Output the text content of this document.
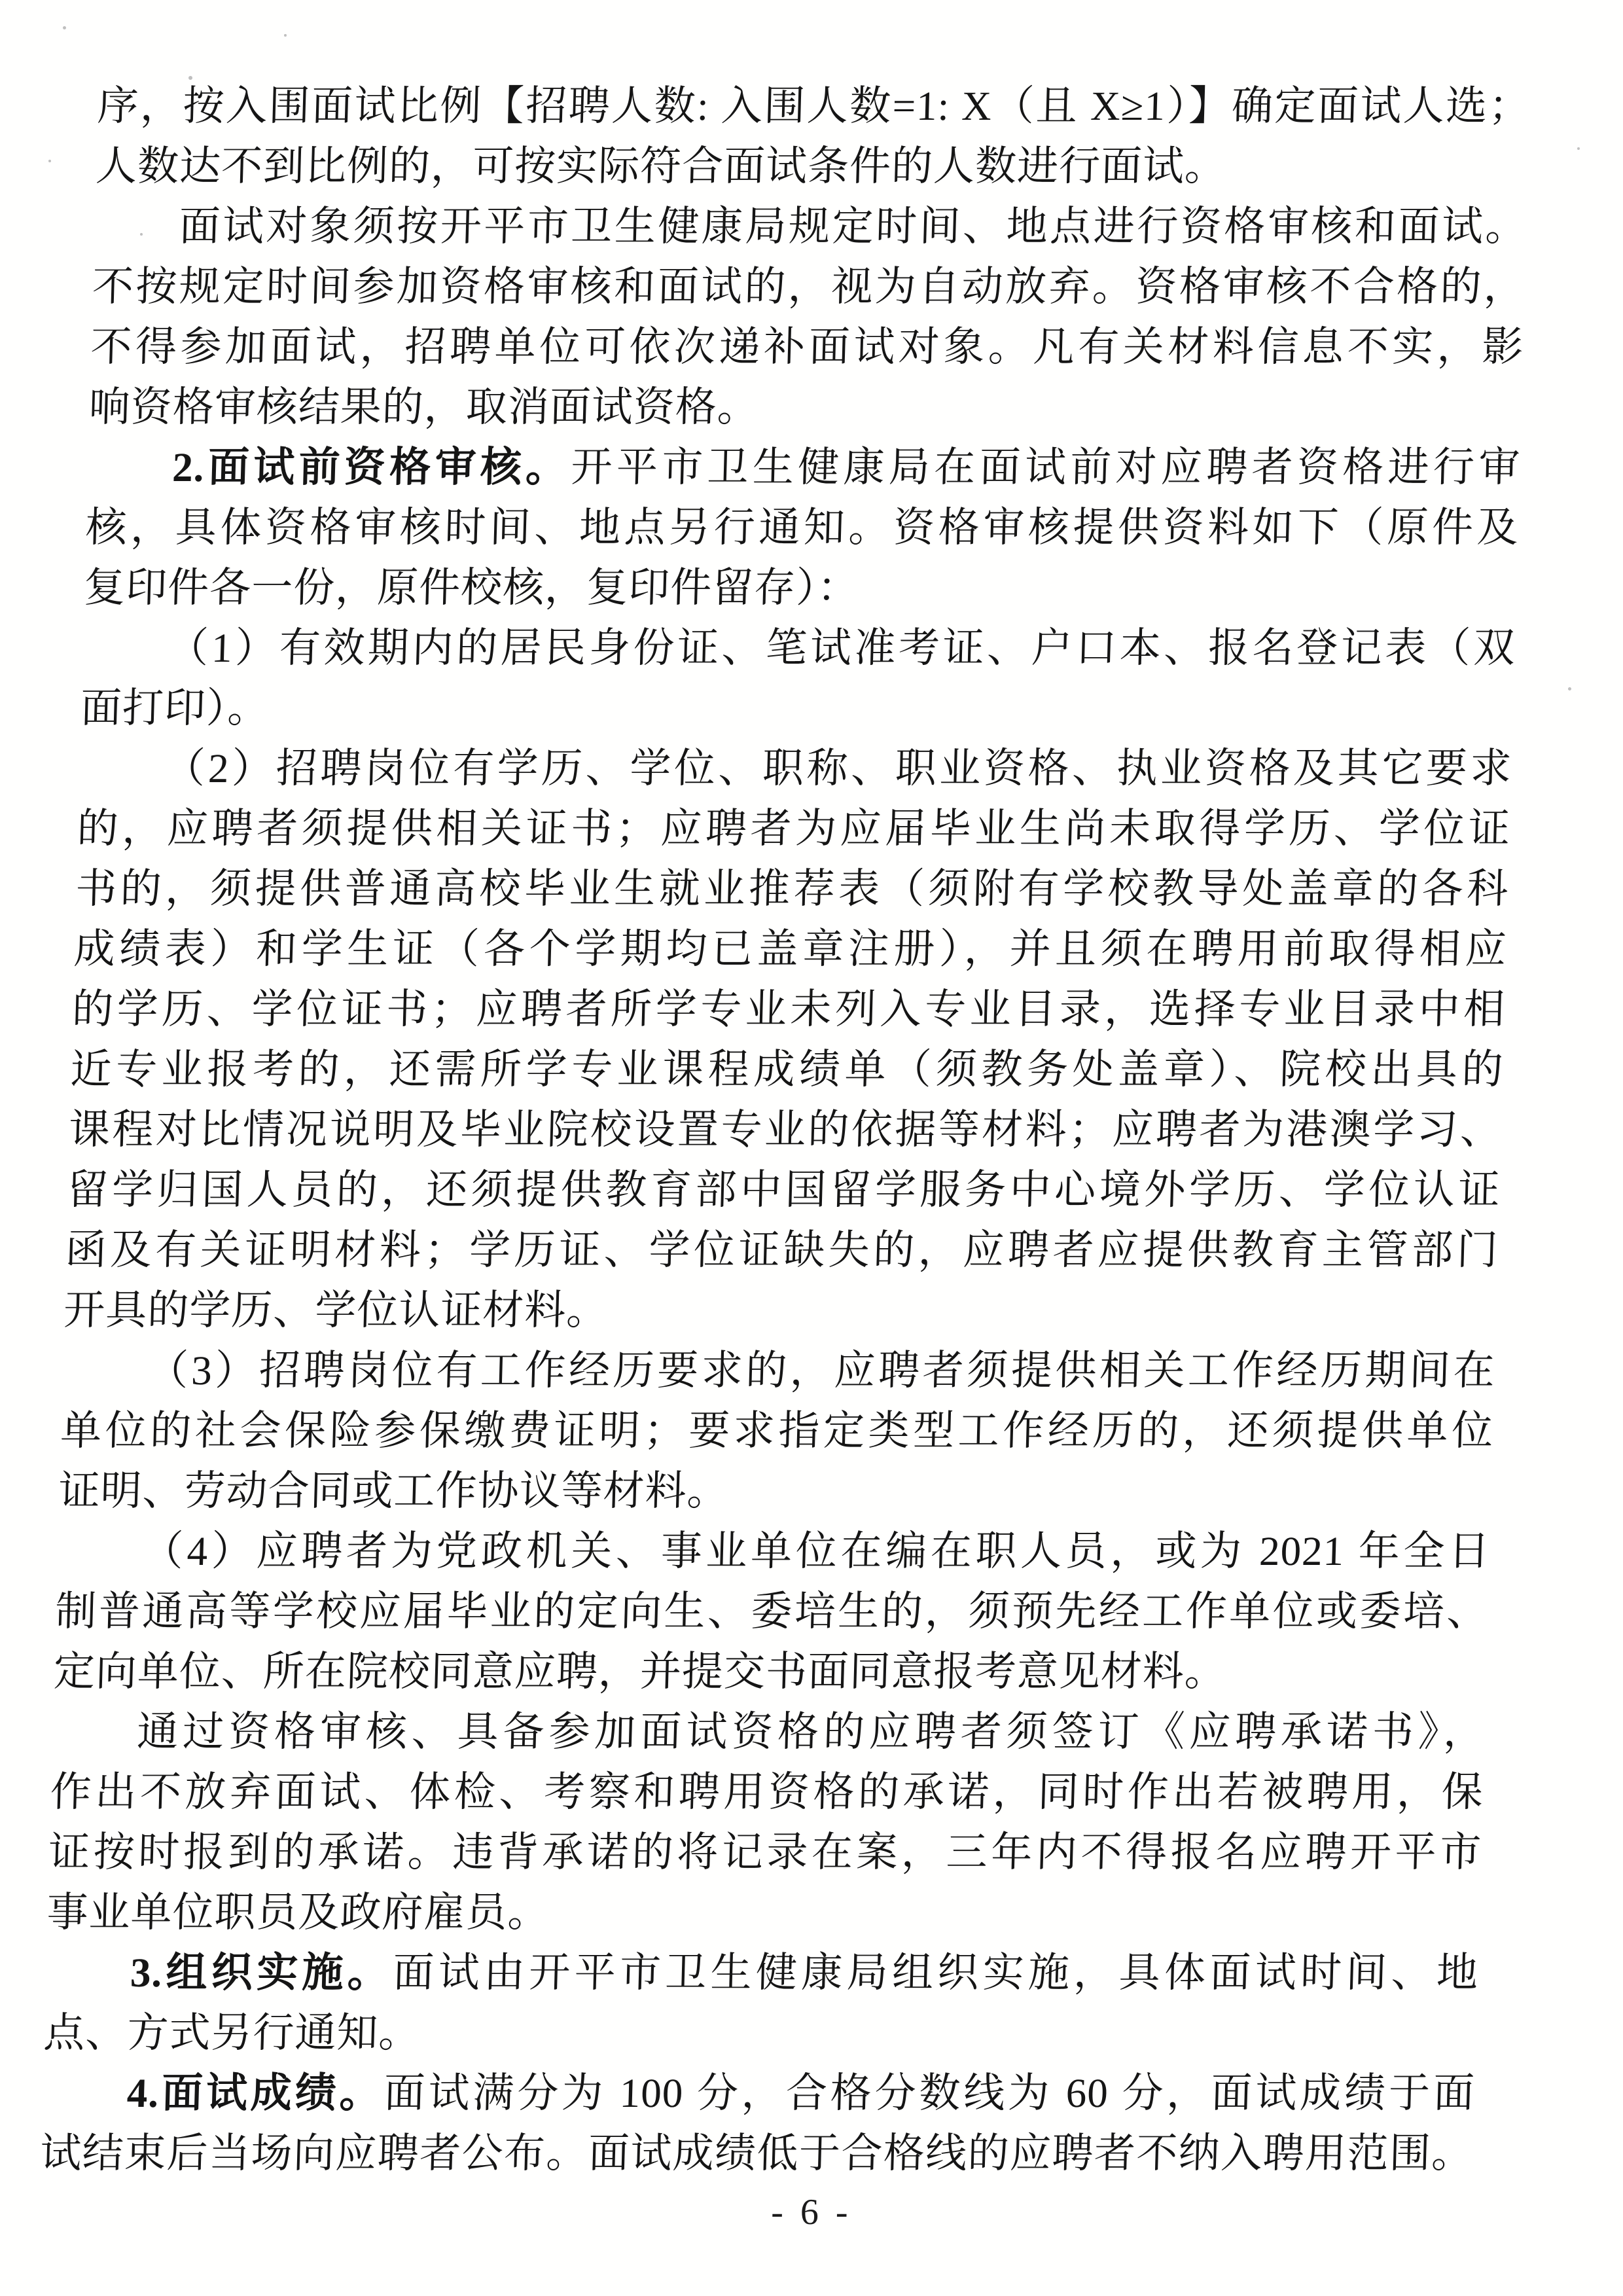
序，按入围面试比例【招聘人数: 入围人数=1: X（且 X≥1）】确定面试人选；
人数达不到比例的，可按实际符合面试条件的人数进行面试。
面试对象须按开平市卫生健康局规定时间、地点进行资格审核和面试。
不按规定时间参加资格审核和面试的，视为自动放弃。资格审核不合格的，
不得参加面试，招聘单位可依次递补面试对象。凡有关材料信息不实，影
响资格审核结果的，取消面试资格。
2.面试前资格审核。开平市卫生健康局在面试前对应聘者资格进行审
核，具体资格审核时间、地点另行通知。资格审核提供资料如下（原件及
复印件各一份，原件校核，复印件留存）：
（1）有效期内的居民身份证、笔试准考证、户口本、报名登记表（双
面打印）。
（2）招聘岗位有学历、学位、职称、职业资格、执业资格及其它要求
的，应聘者须提供相关证书；应聘者为应届毕业生尚未取得学历、学位证
书的，须提供普通高校毕业生就业推荐表（须附有学校教导处盖章的各科
成绩表）和学生证（各个学期均已盖章注册），并且须在聘用前取得相应
的学历、学位证书；应聘者所学专业未列入专业目录，选择专业目录中相
近专业报考的，还需所学专业课程成绩单（须教务处盖章）、院校出具的
课程对比情况说明及毕业院校设置专业的依据等材料；应聘者为港澳学习、
留学归国人员的，还须提供教育部中国留学服务中心境外学历、学位认证
函及有关证明材料；学历证、学位证缺失的，应聘者应提供教育主管部门
开具的学历、学位认证材料。
（3）招聘岗位有工作经历要求的，应聘者须提供相关工作经历期间在
单位的社会保险参保缴费证明；要求指定类型工作经历的，还须提供单位
证明、劳动合同或工作协议等材料。
（4）应聘者为党政机关、事业单位在编在职人员，或为 2021 年全日
制普通高等学校应届毕业的定向生、委培生的，须预先经工作单位或委培、
定向单位、所在院校同意应聘，并提交书面同意报考意见材料。
通过资格审核、具备参加面试资格的应聘者须签订《应聘承诺书》，
作出不放弃面试、体检、考察和聘用资格的承诺，同时作出若被聘用，保
证按时报到的承诺。违背承诺的将记录在案，三年内不得报名应聘开平市
事业单位职员及政府雇员。
3.组织实施。面试由开平市卫生健康局组织实施，具体面试时间、地
点、方式另行通知。
4.面试成绩。面试满分为 100 分，合格分数线为 60 分，面试成绩于面
试结束后当场向应聘者公布。面试成绩低于合格线的应聘者不纳入聘用范围。
- 6 -
